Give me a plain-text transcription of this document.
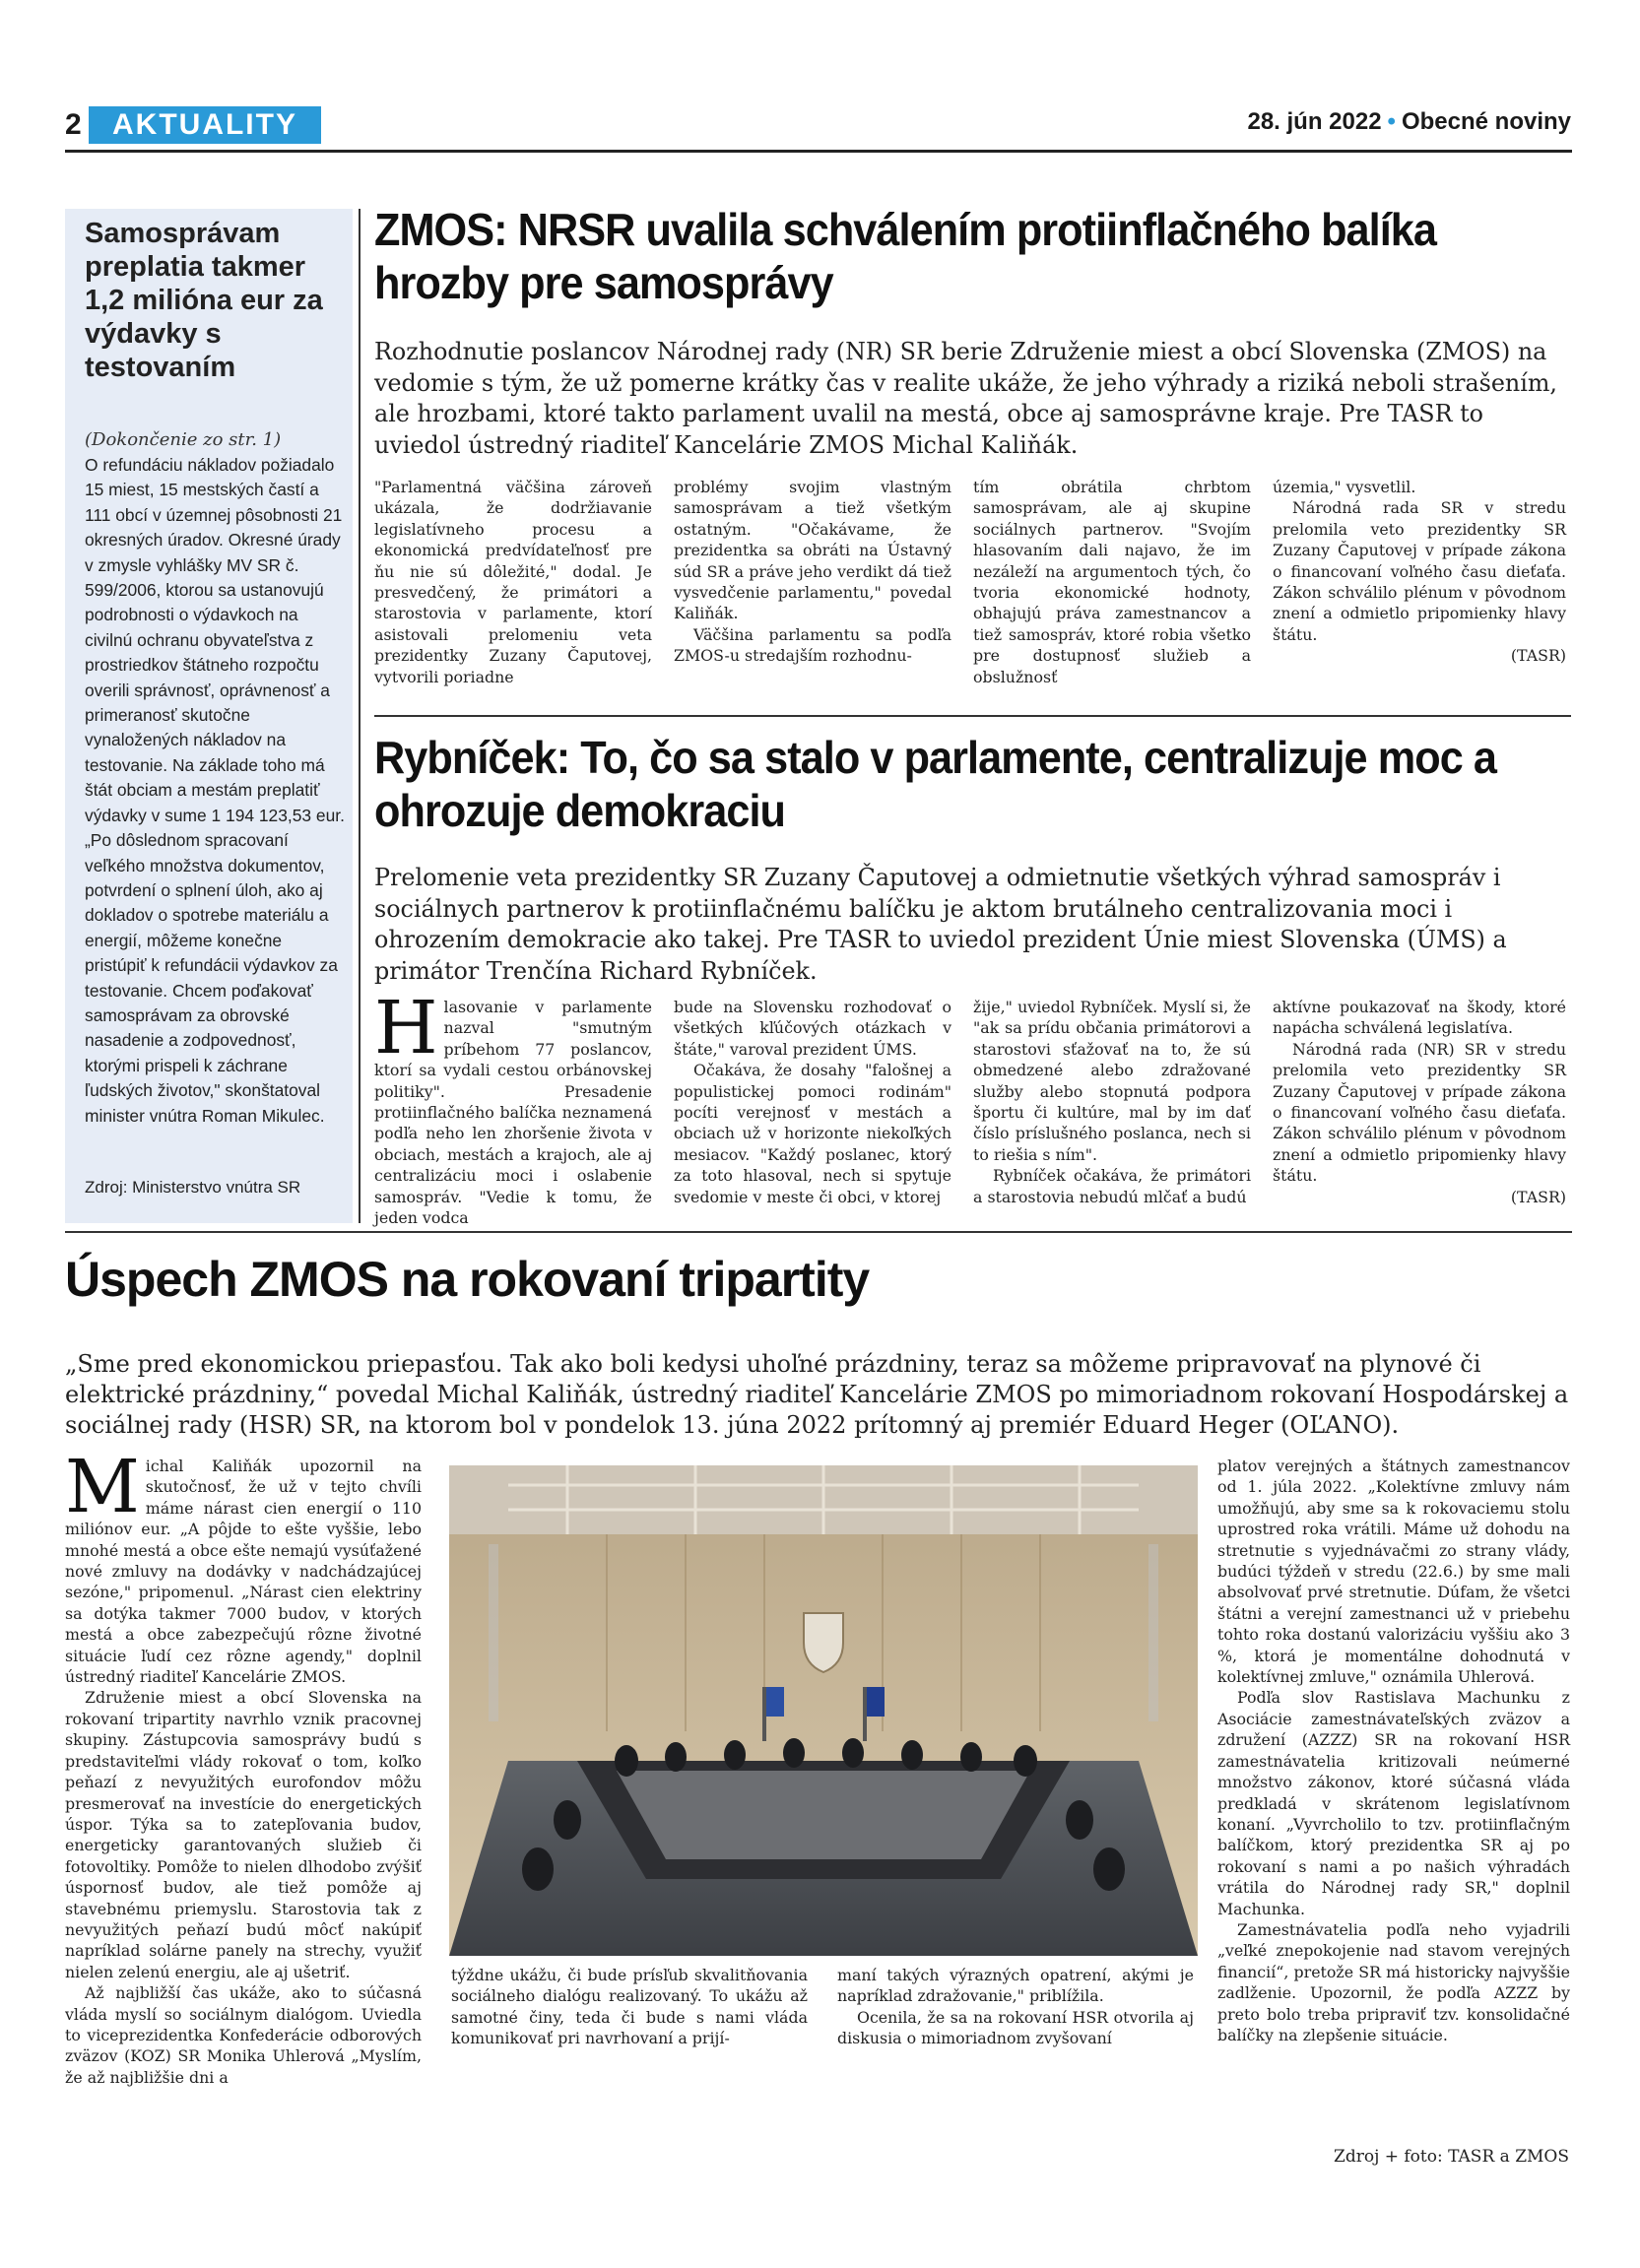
2	AKTUALITY	28. jún 2022 • Obecné noviny
Samosprávam preplatia takmer 1,2 milióna eur za výdavky s testovaním
(Dokončenie zo str. 1)
O refundáciu nákladov požiadalo 15 miest, 15 mestských častí a 111 obcí v územnej pôsobnosti 21 okresných úradov. Okresné úrady v zmysle vyhlášky MV SR č. 599/2006, ktorou sa ustanovujú podrobnosti o výdavkoch na civilnú ochranu obyvateľstva z prostriedkov štátneho rozpočtu overili správnosť, oprávnenosť a primeranosť skutočne vynaložených nákladov na testovanie. Na základe toho má štát obciam a mestám preplatiť výdavky v sume 1 194 123,53 eur. „Po dôslednom spracovaní veľkého množstva dokumentov, potvrdení o splnení úloh, ako aj dokladov o spotrebe materiálu a energií, môžeme konečne pristúpiť k refundácii výdavkov za testovanie. Chcem poďakovať samosprávam za obrovské nasadenie a zodpovednosť, ktorými prispeli k záchrane ľudských životov," skonštatoval minister vnútra Roman Mikulec.
Zdroj: Ministerstvo vnútra SR
ZMOS: NRSR uvalila schválením protiinflačného balíka hrozby pre samosprávy
Rozhodnutie poslancov Národnej rady (NR) SR berie Združenie miest a obcí Slovenska (ZMOS) na vedomie s tým, že už pomerne krátky čas v realite ukáže, že jeho výhrady a riziká neboli strašením, ale hrozbami, ktoré takto parlament uvalil na mestá, obce aj samosprávne kraje. Pre TASR to uviedol ústredný riaditeľ Kancelárie ZMOS Michal Kaliňák.

"Parlamentná väčšina zároveň ukázala, že dodržiavanie legislatívneho procesu a ekonomická predvídateľnosť pre ňu nie sú dôležité," dodal. Je presvedčený, že primátori a starostovia v parlamente, ktorí asistovali prelomeniu veta prezidentky Zuzany Čaputovej, vytvorili poriadne

problémy svojim vlastným samosprávam a tiež všetkým ostatným. "Očakávame, že prezidentka sa obráti na Ústavný súd SR a práve jeho verdikt dá tiež vysvedčenie parlamentu," povedal Kaliňák.

Väčšina parlamentu sa podľa ZMOS-u stredajším rozhodnu-

tím obrátila chrbtom samosprávam, ale aj skupine sociálnych partnerov. "Svojím hlasovaním dali najavo, že im nezáleží na argumentoch tých, čo tvoria ekonomické hodnoty, obhajujú práva zamestnancov a tiež samospráv, ktoré robia všetko pre dostupnosť služieb a obslužnosť

územia," vysvetlil.

Národná rada SR v stredu prelomila veto prezidentky SR Zuzany Čaputovej v prípade zákona o financovaní voľného času dieťaťa. Zákon schválilo plénum v pôvodnom znení a odmietlo pripomienky hlavy štátu.

(TASR)

Rybníček: To, čo sa stalo v parlamente, centralizuje moc a ohrozuje demokraciu
Prelomenie veta prezidentky SR Zuzany Čaputovej a odmietnutie všetkých výhrad samospráv i sociálnych partnerov k protiinflačnému balíčku je aktom brutálneho centralizovania moci i ohrozením demokracie ako takej. Pre TASR to uviedol prezident Únie miest Slovenska (ÚMS) a primátor Trenčína Richard Rybníček.
H lasovanie v parlamente nazval "smutným príbehom 77 poslancov, ktorí sa vydali cestou orbánovskej politiky". Presadenie protiinflačného balíčka neznamená podľa neho len zhoršenie života v obciach, mestách a krajoch, ale aj centralizáciu moci i oslabenie samospráv. "Vedie k tomu, že jeden vodca

bude na Slovensku rozhodovať o všetkých kľúčových otázkach v štáte," varoval prezident ÚMS.

Očakáva, že dosahy "falošnej a populistickej pomoci rodinám" pocíti verejnosť v mestách a obciach už v horizonte niekoľkých mesiacov. "Každý poslanec, ktorý za toto hlasoval, nech si spytuje svedomie v meste či obci, v ktorej

žije," uviedol Rybníček. Myslí si, že "ak sa prídu občania primátorovi a starostovi sťažovať na to, že sú obmedzené alebo zdražované služby alebo stopnutá podpora športu či kultúre, mal by im dať číslo príslušného poslanca, nech si to riešia s ním".

Rybníček očakáva, že primátori a starostovia nebudú mlčať a budú

aktívne poukazovať na škody, ktoré napácha schválená legislatíva.

Národná rada (NR) SR v stredu prelomila veto prezidentky SR Zuzany Čaputovej v prípade zákona o financovaní voľného času dieťaťa. Zákon schválilo plénum v pôvodnom znení a odmietlo pripomienky hlavy štátu.

(TASR)

Úspech ZMOS na rokovaní tripartity
„Sme pred ekonomickou priepasťou. Tak ako boli kedysi uhoľné prázdniny, teraz sa môžeme pripravovať na plynové či elektrické prázdniny,“ povedal Michal Kaliňák, ústredný riaditeľ Kancelárie ZMOS po mimoriadnom rokovaní Hospodárskej a sociálnej rady (HSR) SR, na ktorom bol v pondelok 13. júna 2022 prítomný aj premiér Eduard Heger (OĽANO).
M ichal Kaliňák upozornil na skutočnosť, že už v tejto chvíli máme nárast cien energií o 110 miliónov eur. „A pôjde to ešte vyššie, lebo mnohé mestá a obce ešte nemajú vysúťažené nové zmluvy na dodávky v nadchádzajúcej sezóne," pripomenul. „Nárast cien elektriny sa dotýka takmer 7000 budov, v ktorých mestá a obce zabezpečujú rôzne životné situácie ľudí cez rôzne agendy," doplnil ústredný riaditeľ Kancelárie ZMOS.

Združenie miest a obcí Slovenska na rokovaní tripartity navrhlo vznik pracovnej skupiny. Zástupcovia samosprávy budú s predstaviteľmi vlády rokovať o tom, koľko peňazí z nevyužitých eurofondov môžu presmerovať na investície do energetických úspor. Týka sa to zatepľovania budov, energeticky garantovaných služieb či fotovoltiky. Pomôže to nielen dlhodobo zvýšiť úspornosť budov, ale tiež pomôže aj stavebnému priemyslu. Starostovia tak z nevyužitých peňazí budú môcť nakúpiť napríklad solárne panely na strechy, využiť nielen zelenú energiu, ale aj ušetriť.

Až najbližší čas ukáže, ako to súčasná vláda myslí so sociálnym dialógom. Uviedla to viceprezidentka Konfederácie odborových zväzov (KOZ) SR Monika Uhlerová „Myslím, že až najbližšie dni a

týždne ukážu, či bude prísľub skvalitňovania sociálneho dialógu realizovaný. To ukážu až samotné činy, teda či bude s nami vláda komunikovať pri navrhovaní a prijí-

maní takých výrazných opatrení, akými je napríklad zdražovanie," priblížila.

Ocenila, že sa na rokovaní HSR otvorila aj diskusia o mimoriadnom zvyšovaní

platov verejných a štátnych zamestnancov od 1. júla 2022. „Kolektívne zmluvy nám umožňujú, aby sme sa k rokovaciemu stolu uprostred roka vrátili. Máme už dohodu na stretnutie s vyjednávačmi zo strany vlády, budúci týždeň v stredu (22.6.) by sme mali absolvovať prvé stretnutie. Dúfam, že všetci štátni a verejní zamestnanci už v priebehu tohto roka dostanú valorizáciu vyššiu ako 3 %, ktorá je momentálne dohodnutá v kolektívnej zmluve," oznámila Uhlerová.

Podľa slov Rastislava Machunku z Asociácie zamestnávateľských zväzov a združení (AZZZ) SR na rokovaní HSR zamestnávatelia kritizovali neúmerné množstvo zákonov, ktoré súčasná vláda predkladá v skrátenom legislatívnom konaní. „Vyvrcholilo to tzv. protiinflačným balíčkom, ktorý prezidentka SR aj po rokovaní s nami a po našich výhradách vrátila do Národnej rady SR," doplnil Machunka.

Zamestnávatelia podľa neho vyjadrili „veľké znepokojenie nad stavom verejných financií“, pretože SR má historicky najvyššie zadlženie. Upozornil, že podľa AZZZ by preto bolo treba pripraviť tzv. konsolidačné balíčky na zlepšenie situácie.

Zdroj + foto: TASR a ZMOS
